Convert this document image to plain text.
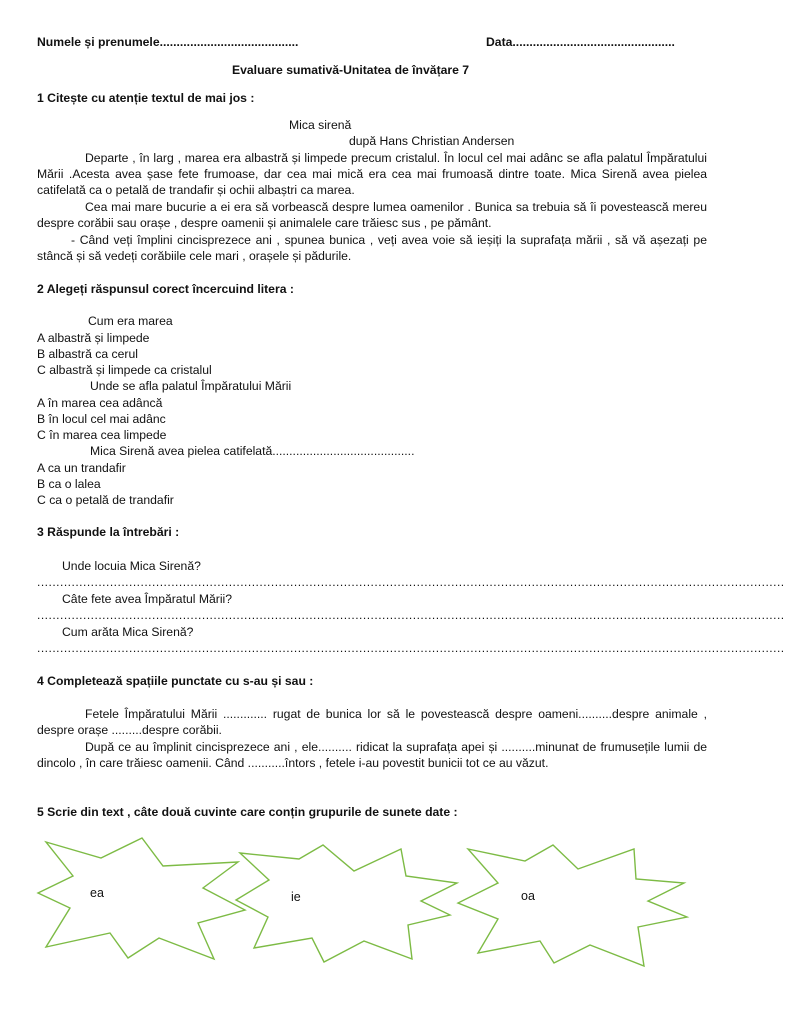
Numele și prenumele.........................................	Data................................................
Evaluare sumativă-Unitatea de învățare 7
1 Citește cu atenție textul de mai jos :
Mica sirenă
după Hans Christian Andersen
Departe , în larg , marea era albastră și limpede precum cristalul. În locul cel mai adânc se afla palatul Împăratului Mării .Acesta avea șase fete frumoase, dar cea mai mică era cea mai frumoasă dintre toate. Mica Sirenă avea pielea catifelată ca o petală de trandafir și ochii albaștri ca marea.
Cea mai mare bucurie a ei era să vorbească despre lumea oamenilor . Bunica sa trebuia să îi povestească mereu despre corăbii sau orașe , despre oamenii și animalele care trăiesc sus , pe pământ.
- Când veți împlini cincisprezece ani , spunea bunica , veți avea voie să ieșiți la suprafața mării , să vă așezați pe stâncă și să vedeți corăbiile cele mari , orașele și pădurile.
2 Alegeți răspunsul corect încercuind litera :
Cum era marea
A albastră și limpede
B albastră ca cerul
C albastră și limpede ca cristalul
Unde se afla palatul Împăratului Mării
A în marea cea adâncă
B în locul cel mai adânc
C în marea cea limpede
Mica Sirenă avea pielea catifelată..........................................
A ca un trandafir
B ca o lalea
C ca o petală de trandafir
3 Răspunde la întrebări :
Unde locuia Mica Sirenă?
...................................................................................................................................................................................................
Câte fete avea Împăratul Mării?
...................................................................................................................................................................................................
Cum arăta Mica Sirenă?
...................................................................................................................................................................................................
4 Completează spațiile punctate cu s-au și sau :
Fetele Împăratului Mării ............. rugat de bunica lor să le povestească despre oameni..........despre animale , despre orașe .........despre corăbii.
După ce au împlinit cincisprezece ani , ele.......... ridicat la suprafața apei și ..........minunat de frumusețile lumii de dincolo , în care trăiesc oamenii. Când ...........întors , fetele i-au povestit bunicii tot ce au văzut.
5 Scrie din text , câte două cuvinte care conțin grupurile de sunete date :
ea	ie	oa
